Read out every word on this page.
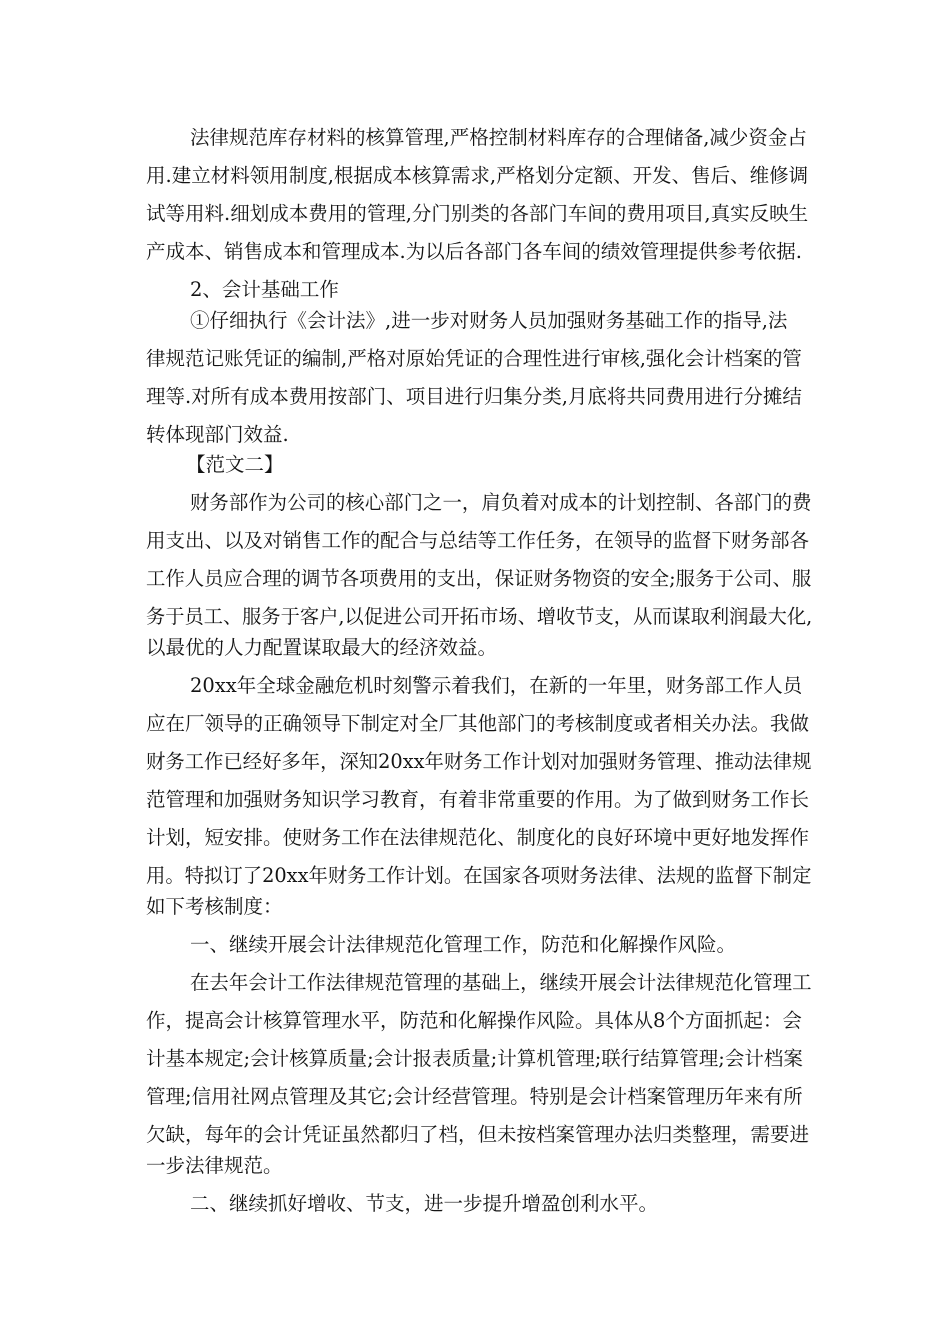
法律规范库存材料的核算管理,严格控制材料库存的合理储备,减少资金占
用.建立材料领用制度,根据成本核算需求,严格划分定额、开发、售后、维修调
试等用料.细划成本费用的管理,分门别类的各部门车间的费用项目,真实反映生
产成本、销售成本和管理成本.为以后各部门各车间的绩效管理提供参考依据.
2、会计基础工作
①仔细执行《会计法》,进一步对财务人员加强财务基础工作的指导,法
律规范记账凭证的编制,严格对原始凭证的合理性进行审核,强化会计档案的管
理等.对所有成本费用按部门、项目进行归集分类,月底将共同费用进行分摊结
转体现部门效益.
【范文二】
财务部作为公司的核心部门之一，肩负着对成本的计划控制、各部门的费
用支出、以及对销售工作的配合与总结等工作任务，在领导的监督下财务部各
工作人员应合理的调节各项费用的支出，保证财务物资的安全;服务于公司、服
务于员工、服务于客户,以促进公司开拓市场、增收节支，从而谋取利润最大化,
以最优的人力配置谋取最大的经济效益。
20xx年全球金融危机时刻警示着我们，在新的一年里，财务部工作人员
应在厂领导的正确领导下制定对全厂其他部门的考核制度或者相关办法。我做
财务工作已经好多年，深知20xx年财务工作计划对加强财务管理、推动法律规
范管理和加强财务知识学习教育，有着非常重要的作用。为了做到财务工作长
计划，短安排。使财务工作在法律规范化、制度化的良好环境中更好地发挥作
用。特拟订了20xx年财务工作计划。在国家各项财务法律、法规的监督下制定
如下考核制度：
一、继续开展会计法律规范化管理工作，防范和化解操作风险。
在去年会计工作法律规范管理的基础上，继续开展会计法律规范化管理工
作，提高会计核算管理水平，防范和化解操作风险。具体从8个方面抓起：会
计基本规定;会计核算质量;会计报表质量;计算机管理;联行结算管理;会计档案
管理;信用社网点管理及其它;会计经营管理。特别是会计档案管理历年来有所
欠缺，每年的会计凭证虽然都归了档，但未按档案管理办法归类整理，需要进
一步法律规范。
二、继续抓好增收、节支，进一步提升增盈创利水平。
